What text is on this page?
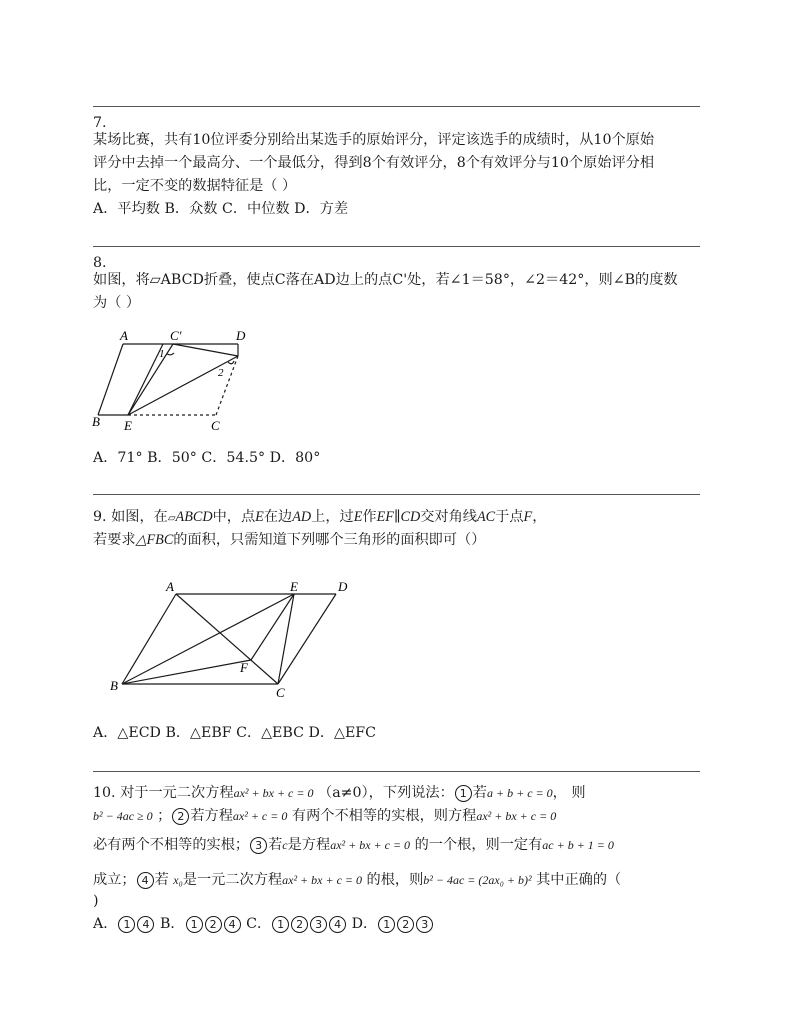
7.
某场比赛，共有10位评委分别给出某选手的原始评分，评定该选手的成绩时，从10个原始
评分中去掉一个最高分、一个最低分，得到8个有效评分，8个有效评分与10个原始评分相
比，一定不变的数据特征是（ ）
A．平均数 B．众数 C．中位数 D．方差
8.
如图，将▱ABCD折叠，使点C落在AD边上的点C'处，若∠1＝58°，∠2＝42°，则∠B的度数
为（ ）
A	C′	D
1
2
B E	C
A．71° B．50° C．54.5° D．80°
9. 如图，在▱ABCD中，点E在边AD上，过E作EF∥CD交对角线AC于点F，
若要求△FBC的面积，只需知道下列哪个三角形的面积即可（）
A	E	D
F
B	C
A．△ECD B．△EBF C．△EBC D．△EFC
10. 对于一元二次方程ax² + bx + c = 0 （a≠0），下列说法： 1 若a + b + c = 0， 则
b² − 4ac ≥ 0 ； 2 若方程ax² + c = 0 有两个不相等的实根，则方程ax² + bx + c = 0
必有两个不相等的实根； 3 若c是方程ax² + bx + c = 0 的一个根，则一定有ac + b + 1 = 0
成立； 4 若 x₀是一元二次方程ax² + bx + c = 0 的根，则b² − 4ac = (2ax₀ + b)² 其中正确的（
)
A． 1 4 B． 1 2 4 C． 1 2 3 4 D． 1 2 3
